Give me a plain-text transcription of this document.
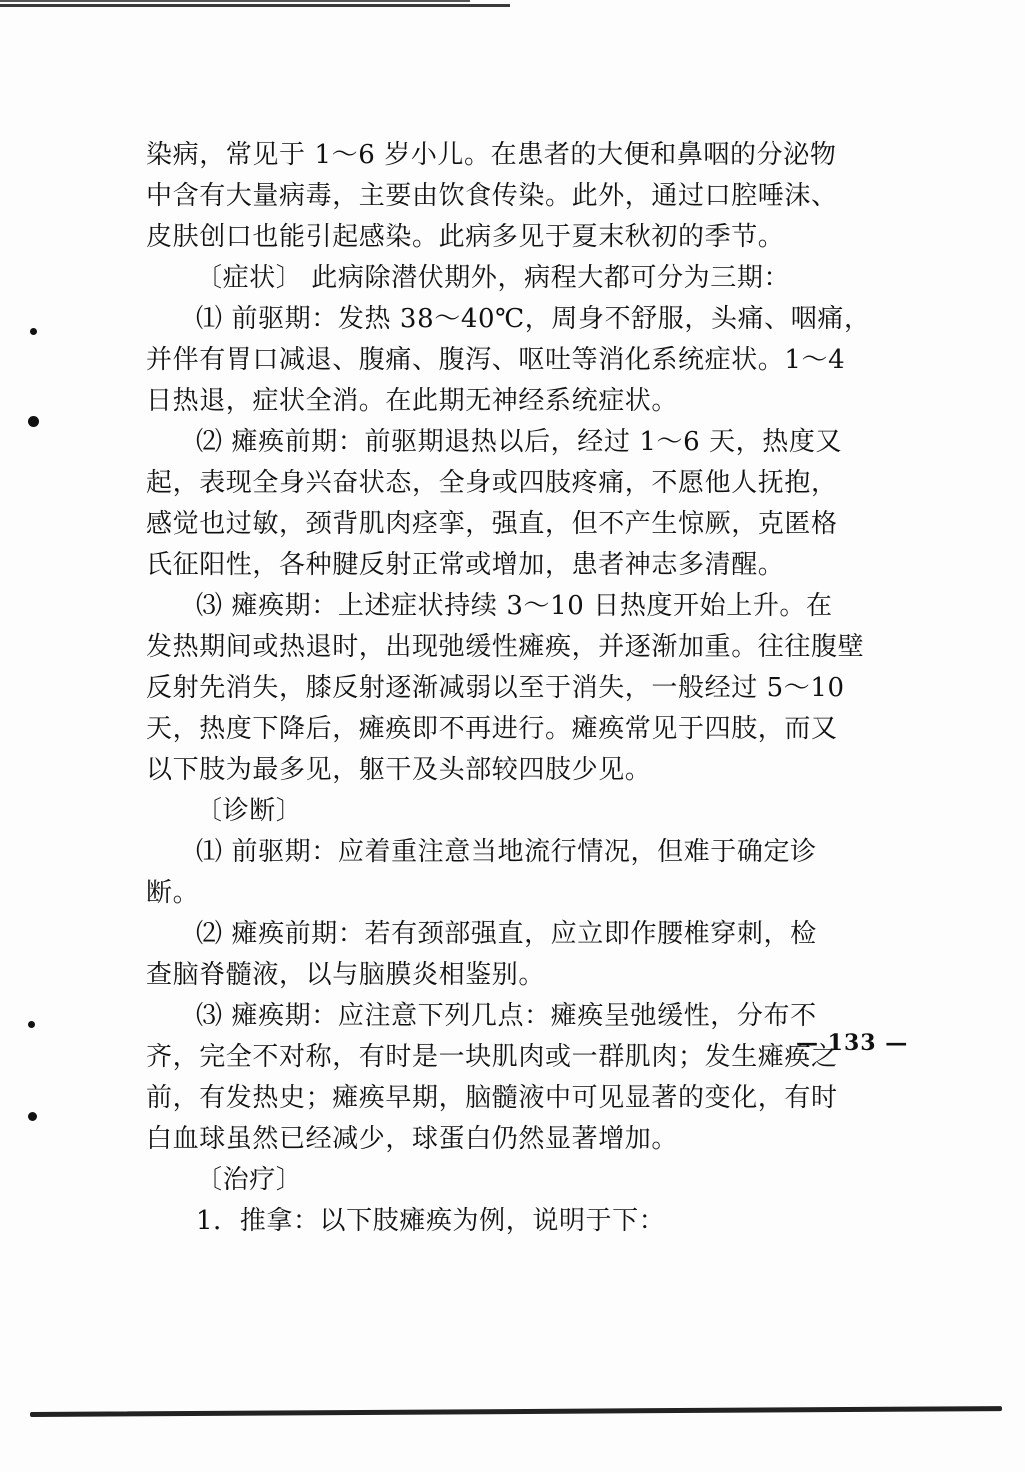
染病，常见于 1～6 岁小儿。在患者的大便和鼻咽的分泌物
中含有大量病毒，主要由饮食传染。此外，通过口腔唾沫、
皮肤创口也能引起感染。此病多见于夏末秋初的季节。
〔症状〕 此病除潜伏期外，病程大都可分为三期：
⑴ 前驱期：发热 38～40℃，周身不舒服，头痛、咽痛，
并伴有胃口减退、腹痛、腹泻、呕吐等消化系统症状。1～4
日热退，症状全消。在此期无神经系统症状。
⑵ 瘫痪前期：前驱期退热以后，经过 1～6 天，热度又
起，表现全身兴奋状态，全身或四肢疼痛，不愿他人抚抱，
感觉也过敏，颈背肌肉痉挛，强直，但不产生惊厥，克匿格
氏征阳性，各种腱反射正常或增加，患者神志多清醒。
⑶ 瘫痪期：上述症状持续 3～10 日热度开始上升。在
发热期间或热退时，出现弛缓性瘫痪，并逐渐加重。往往腹壁
反射先消失，膝反射逐渐减弱以至于消失，一般经过 5～10
天，热度下降后，瘫痪即不再进行。瘫痪常见于四肢，而又
以下肢为最多见，躯干及头部较四肢少见。
〔诊断〕
⑴ 前驱期：应着重注意当地流行情况，但难于确定诊
断。
⑵ 瘫痪前期：若有颈部强直，应立即作腰椎穿刺，检
查脑脊髓液，以与脑膜炎相鉴别。
⑶ 瘫痪期：应注意下列几点：瘫痪呈弛缓性，分布不
齐，完全不对称，有时是一块肌肉或一群肌肉；发生瘫痪之
前，有发热史；瘫痪早期，脑髓液中可见显著的变化，有时
白血球虽然已经减少，球蛋白仍然显著增加。
〔治疗〕
1．推拿：以下肢瘫痪为例，说明于下：
— 133 —
